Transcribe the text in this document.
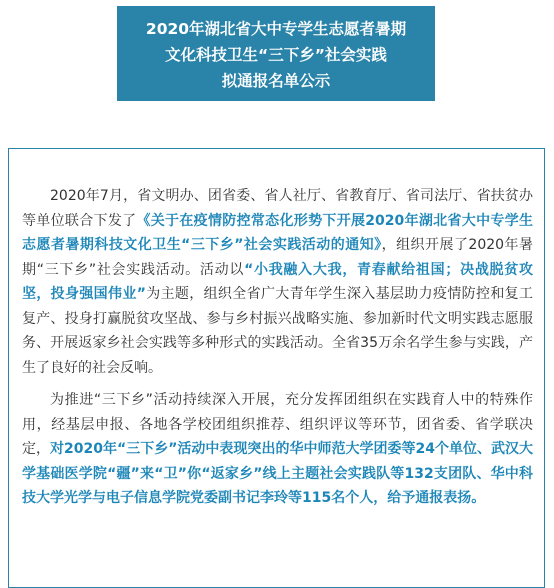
2020年湖北省大中专学生志愿者暑期
文化科技卫生“三下乡”社会实践
拟通报名单公示

2020年7月，省文明办、团省委、省人社厅、省教育厅、省司法厅、省扶贫办等单位联合下发了《关于在疫情防控常态化形势下开展2020年湖北省大中专学生志愿者暑期科技文化卫生“三下乡”社会实践活动的通知》，组织开展了2020年暑期“三下乡”社会实践活动。活动以“小我融入大我，青春献给祖国；决战脱贫攻坚，投身强国伟业”为主题，组织全省广大青年学生深入基层助力疫情防控和复工复产、投身打赢脱贫攻坚战、参与乡村振兴战略实施、参加新时代文明实践志愿服务、开展返家乡社会实践等多种形式的实践活动。全省35万余名学生参与实践，产生了良好的社会反响。

为推进“三下乡”活动持续深入开展，充分发挥团组织在实践育人中的特殊作用，经基层申报、各地各学校团组织推荐、组织评议等环节，团省委、省学联决定，对2020年“三下乡”活动中表现突出的华中师范大学团委等24个单位、武汉大学基础医学院“疆”来“卫”你“返家乡”线上主题社会实践队等132支团队、华中科技大学光学与电子信息学院党委副书记李玲等115名个人，给予通报表扬。
